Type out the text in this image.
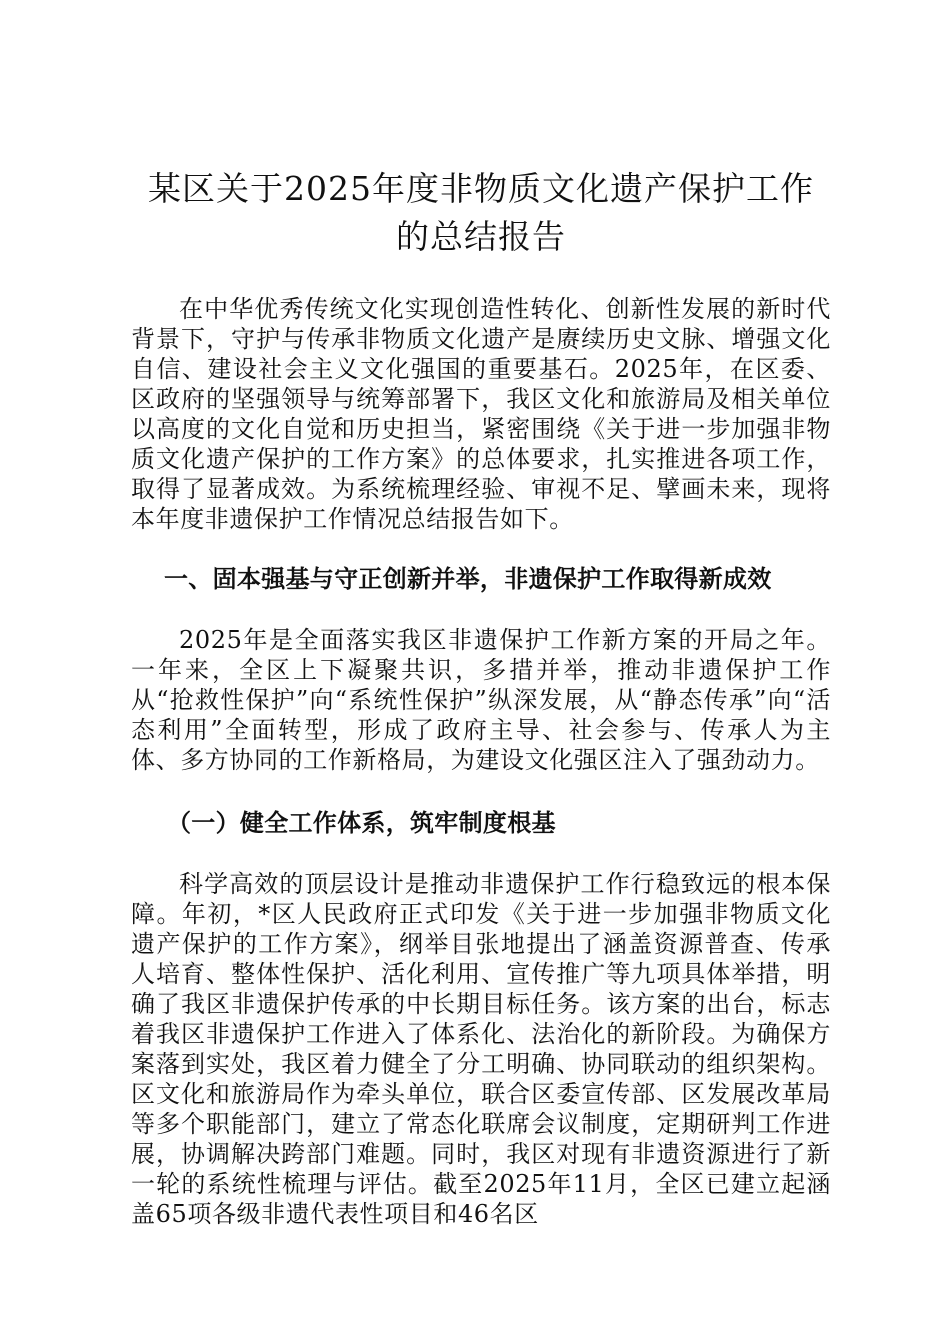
某区关于2025年度非物质文化遗产保护工作
的总结报告

在中华优秀传统文化实现创造性转化、创新性发展的新时代背景下，守护与传承非物质文化遗产是赓续历史文脉、增强文化自信、建设社会主义文化强国的重要基石。2025年，在区委、区政府的坚强领导与统筹部署下，我区文化和旅游局及相关单位以高度的文化自觉和历史担当，紧密围绕《关于进一步加强非物质文化遗产保护的工作方案》的总体要求，扎实推进各项工作，取得了显著成效。为系统梳理经验、审视不足、擘画未来，现将本年度非遗保护工作情况总结报告如下。

一、固本强基与守正创新并举，非遗保护工作取得新成效

2025年是全面落实我区非遗保护工作新方案的开局之年。一年来，全区上下凝聚共识，多措并举，推动非遗保护工作从“抢救性保护”向“系统性保护”纵深发展，从“静态传承”向“活态利用”全面转型，形成了政府主导、社会参与、传承人为主体、多方协同的工作新格局，为建设文化强区注入了强劲动力。

（一）健全工作体系，筑牢制度根基

科学高效的顶层设计是推动非遗保护工作行稳致远的根本保障。年初，*区人民政府正式印发《关于进一步加强非物质文化遗产保护的工作方案》，纲举目张地提出了涵盖资源普查、传承人培育、整体性保护、活化利用、宣传推广等九项具体举措，明确了我区非遗保护传承的中长期目标任务。该方案的出台，标志着我区非遗保护工作进入了体系化、法治化的新阶段。为确保方案落到实处，我区着力健全了分工明确、协同联动的组织架构。区文化和旅游局作为牵头单位，联合区委宣传部、区发展改革局等多个职能部门，建立了常态化联席会议制度，定期研判工作进展，协调解决跨部门难题。同时，我区对现有非遗资源进行了新一轮的系统性梳理与评估。截至2025年11月，全区已建立起涵盖65项各级非遗代表性项目和46名区
